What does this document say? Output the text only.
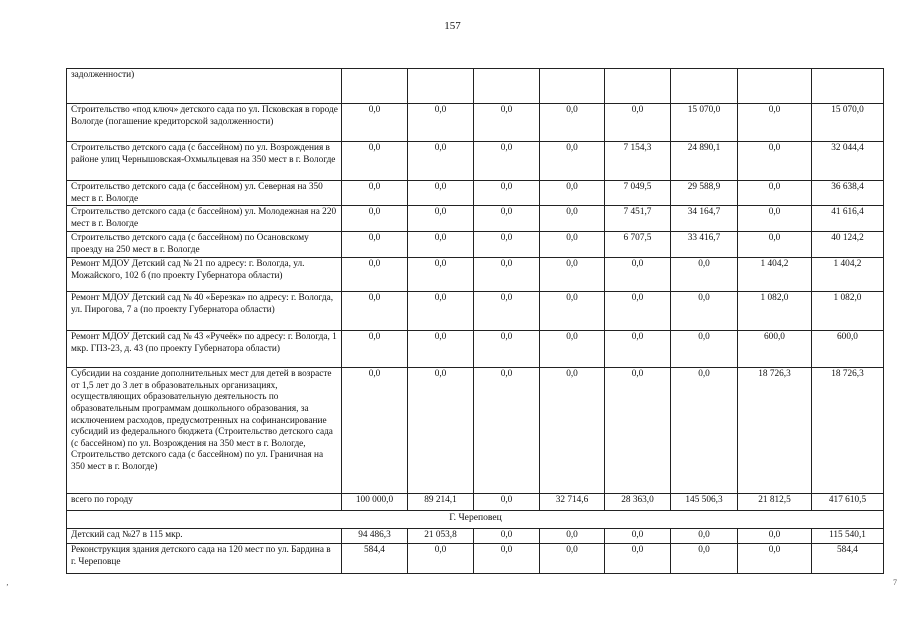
157
задолженности)								
Строительство «под ключ» детского сада по ул. Псковская в городе Вологде (погашение кредиторской задолженности)	0,0	0,0	0,0	0,0	0,0	15 070,0	0,0	15 070,0
Строительство детского сада (с бассейном) по ул. Возрождения в районе улиц Чернышовская-Охмыльцевая на 350 мест в г. Вологде	0,0	0,0	0,0	0,0	7 154,3	24 890,1	0,0	32 044,4
Строительство детского сада (с бассейном) ул. Северная на 350 мест в г. Вологде	0,0	0,0	0,0	0,0	7 049,5	29 588,9	0,0	36 638,4
Строительство детского сада (с бассейном) ул. Молодежная на 220 мест в г. Вологде	0,0	0,0	0,0	0,0	7 451,7	34 164,7	0,0	41 616,4
Строительство детского сада (с бассейном) по Осановскому проезду на 250 мест в г. Вологде	0,0	0,0	0,0	0,0	6 707,5	33 416,7	0,0	40 124,2
Ремонт МДОУ Детский сад № 21 по адресу: г. Вологда, ул. Можайского, 102 б (по проекту Губернатора области)	0,0	0,0	0,0	0,0	0,0	0,0	1 404,2	1 404,2
Ремонт МДОУ Детский сад № 40 «Березка» по адресу: г. Вологда, ул. Пирогова, 7 а (по проекту Губернатора области)	0,0	0,0	0,0	0,0	0,0	0,0	1 082,0	1 082,0
Ремонт МДОУ Детский сад № 43 «Ручеёк» по адресу: г. Вологда, 1 мкр. ГПЗ-23, д. 43 (по проекту Губернатора области)	0,0	0,0	0,0	0,0	0,0	0,0	600,0	600,0
Субсидии на создание дополнительных мест для детей в возрасте от 1,5 лет до 3 лет в образовательных организациях, осуществляющих образовательную деятельность по образовательным программам дошкольного образования, за исключением расходов, предусмотренных на софинансирование субсидий из федерального бюджета (Строительство детского сада (с бассейном) по ул. Возрождения на 350 мест в г. Вологде, Строительство детского сада (с бассейном) по ул. Граничная на 350 мест в г. Вологде)	0,0	0,0	0,0	0,0	0,0	0,0	18 726,3	18 726,3
всего по городу	100 000,0	89 214,1	0,0	32 714,6	28 363,0	145 506,3	21 812,5	417 610,5
Г. Череповец								
Детский сад №27 в 115 мкр.	94 486,3	21 053,8	0,0	0,0	0,0	0,0	0,0	115 540,1
Реконструкция здания детского сада на 120 мест по ул. Бардина в г. Череповце	584,4	0,0	0,0	0,0	0,0	0,0	0,0	584,4
‚	7
